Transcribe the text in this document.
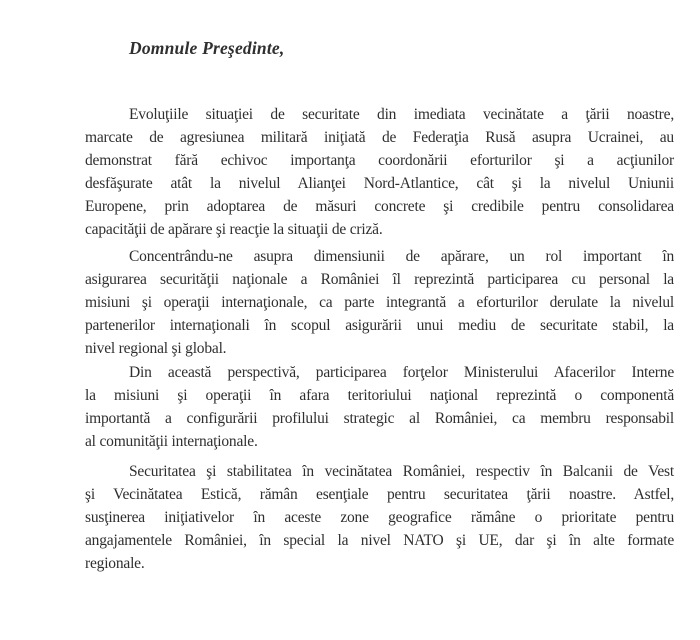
Domnule Preşedinte,
Evoluţiile situaţiei de securitate din imediata vecinătate a ţării noastre,
marcate de agresiunea militară iniţiată de Federaţia Rusă asupra Ucrainei, au
demonstrat fără echivoc importanţa coordonării eforturilor şi a acţiunilor
desfăşurate atât la nivelul Alianţei Nord-Atlantice, cât şi la nivelul Uniunii
Europene, prin adoptarea de măsuri concrete şi credibile pentru consolidarea
capacităţii de apărare şi reacţie la situaţii de criză.
Concentrându-ne asupra dimensiunii de apărare, un rol important în
asigurarea securităţii naţionale a României îl reprezintă participarea cu personal la
misiuni şi operaţii internaţionale, ca parte integrantă a eforturilor derulate la nivelul
partenerilor internaţionali în scopul asigurării unui mediu de securitate stabil, la
nivel regional şi global.
Din această perspectivă, participarea forţelor Ministerului Afacerilor Interne
la misiuni şi operaţii în afara teritoriului naţional reprezintă o componentă
importantă a configurării profilului strategic al României, ca membru responsabil
al comunităţii internaţionale.
Securitatea şi stabilitatea în vecinătatea României, respectiv în Balcanii de Vest
şi Vecinătatea Estică, rămân esenţiale pentru securitatea ţării noastre. Astfel,
susţinerea iniţiativelor în aceste zone geografice rămâne o prioritate pentru
angajamentele României, în special la nivel NATO şi UE, dar şi în alte formate
regionale.
